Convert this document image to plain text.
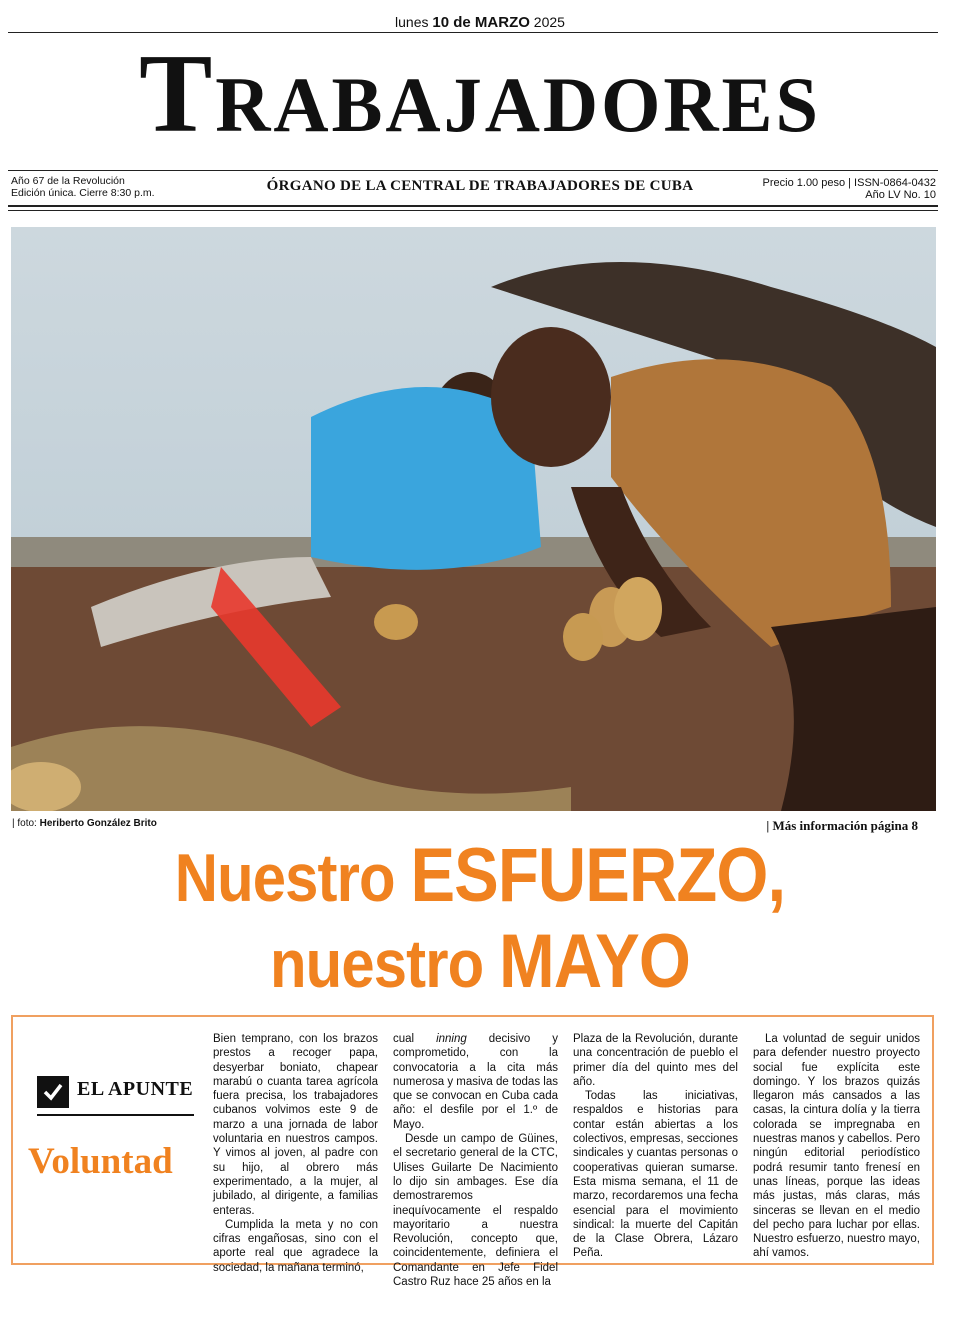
lunes 10 de MARZO 2025
Trabajadores
Año 67 de la Revolución
Edición única. Cierre 8:30 p.m.	ÓRGANO DE LA CENTRAL DE TRABAJADORES DE CUBA	Precio 1.00 peso | ISSN-0864-0432
Año LV No. 10
| foto: Heriberto González Brito	| Más información página 8
Nuestro ESFUERZO,
nuestro MAYO
EL APUNTE
Voluntad

Bien temprano, con los brazos prestos a recoger papa, desyerbar boniato, chapear marabú o cuanta tarea agrícola fuera precisa, los trabajadores cubanos volvimos este 9 de marzo a una jornada de labor voluntaria en nuestros campos. Y vimos al joven, al padre con su hijo, al obrero más experimentado, a la mujer, al jubilado, al dirigente, a familias enteras.

Cumplida la meta y no con cifras engañosas, sino con el aporte real que agradece la sociedad, la mañana terminó,

cual inning decisivo y comprometido, con la convocatoria a la cita más numerosa y masiva de todas las que se convocan en Cuba cada año: el desfile por el 1.º de Mayo.

Desde un campo de Güines, el secretario general de la CTC, Ulises Guilarte De Nacimiento lo dijo sin ambages. Ese día demostraremos inequívocamente el respaldo mayoritario a nuestra Revolución, concepto que, coincidentemente, definiera el Comandante en Jefe Fidel Castro Ruz hace 25 años en la

Plaza de la Revolución, durante una concentración de pueblo el primer día del quinto mes del año.

Todas las iniciativas, respaldos e historias para contar están abiertas a los colectivos, empresas, secciones sindicales y cuantas personas o cooperativas quieran sumarse. Esta misma semana, el 11 de marzo, recordaremos una fecha esencial para el movimiento sindical: la muerte del Capitán de la Clase Obrera, Lázaro Peña.

La voluntad de seguir unidos para defender nuestro proyecto social fue explícita este domingo. Y los brazos quizás llegaron más cansados a las casas, la cintura dolía y la tierra colorada se impregnaba en nuestras manos y cabellos. Pero ningún editorial periodístico podrá resumir tanto frenesí en unas líneas, porque las ideas más justas, más claras, más sinceras se llevan en el medio del pecho para luchar por ellas. Nuestro esfuerzo, nuestro mayo, ahí vamos.
